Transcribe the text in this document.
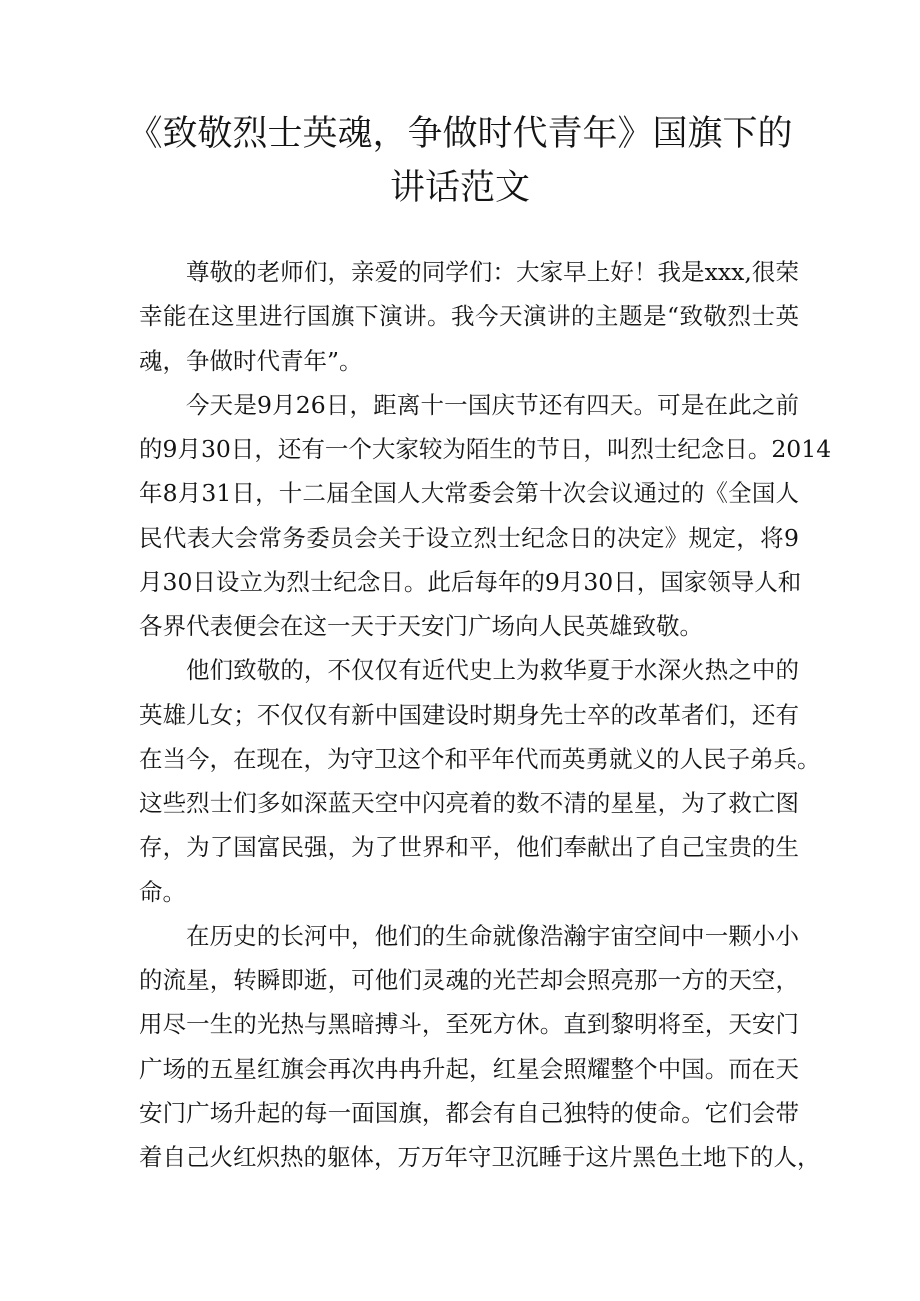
《致敬烈士英魂，争做时代青年》国旗下的
讲话范文
尊敬的老师们，亲爱的同学们：大家早上好！我是xxx,很荣
幸能在这里进行国旗下演讲。我今天演讲的主题是“致敬烈士英
魂，争做时代青年”。
今天是9月26日，距离十一国庆节还有四天。可是在此之前
的9月30日，还有一个大家较为陌生的节日，叫烈士纪念日。2014
年8月31日，十二届全国人大常委会第十次会议通过的《全国人
民代表大会常务委员会关于设立烈士纪念日的决定》规定，将9
月30日设立为烈士纪念日。此后每年的9月30日，国家领导人和
各界代表便会在这一天于天安门广场向人民英雄致敬。
他们致敬的，不仅仅有近代史上为救华夏于水深火热之中的
英雄儿女；不仅仅有新中国建设时期身先士卒的改革者们，还有
在当今，在现在，为守卫这个和平年代而英勇就义的人民子弟兵。
这些烈士们多如深蓝天空中闪亮着的数不清的星星，为了救亡图
存，为了国富民强，为了世界和平，他们奉献出了自己宝贵的生
命。
在历史的长河中，他们的生命就像浩瀚宇宙空间中一颗小小
的流星，转瞬即逝，可他们灵魂的光芒却会照亮那一方的天空，
用尽一生的光热与黑暗搏斗，至死方休。直到黎明将至，天安门
广场的五星红旗会再次冉冉升起，红星会照耀整个中国。而在天
安门广场升起的每一面国旗，都会有自己独特的使命。它们会带
着自己火红炽热的躯体，万万年守卫沉睡于这片黑色土地下的人，
